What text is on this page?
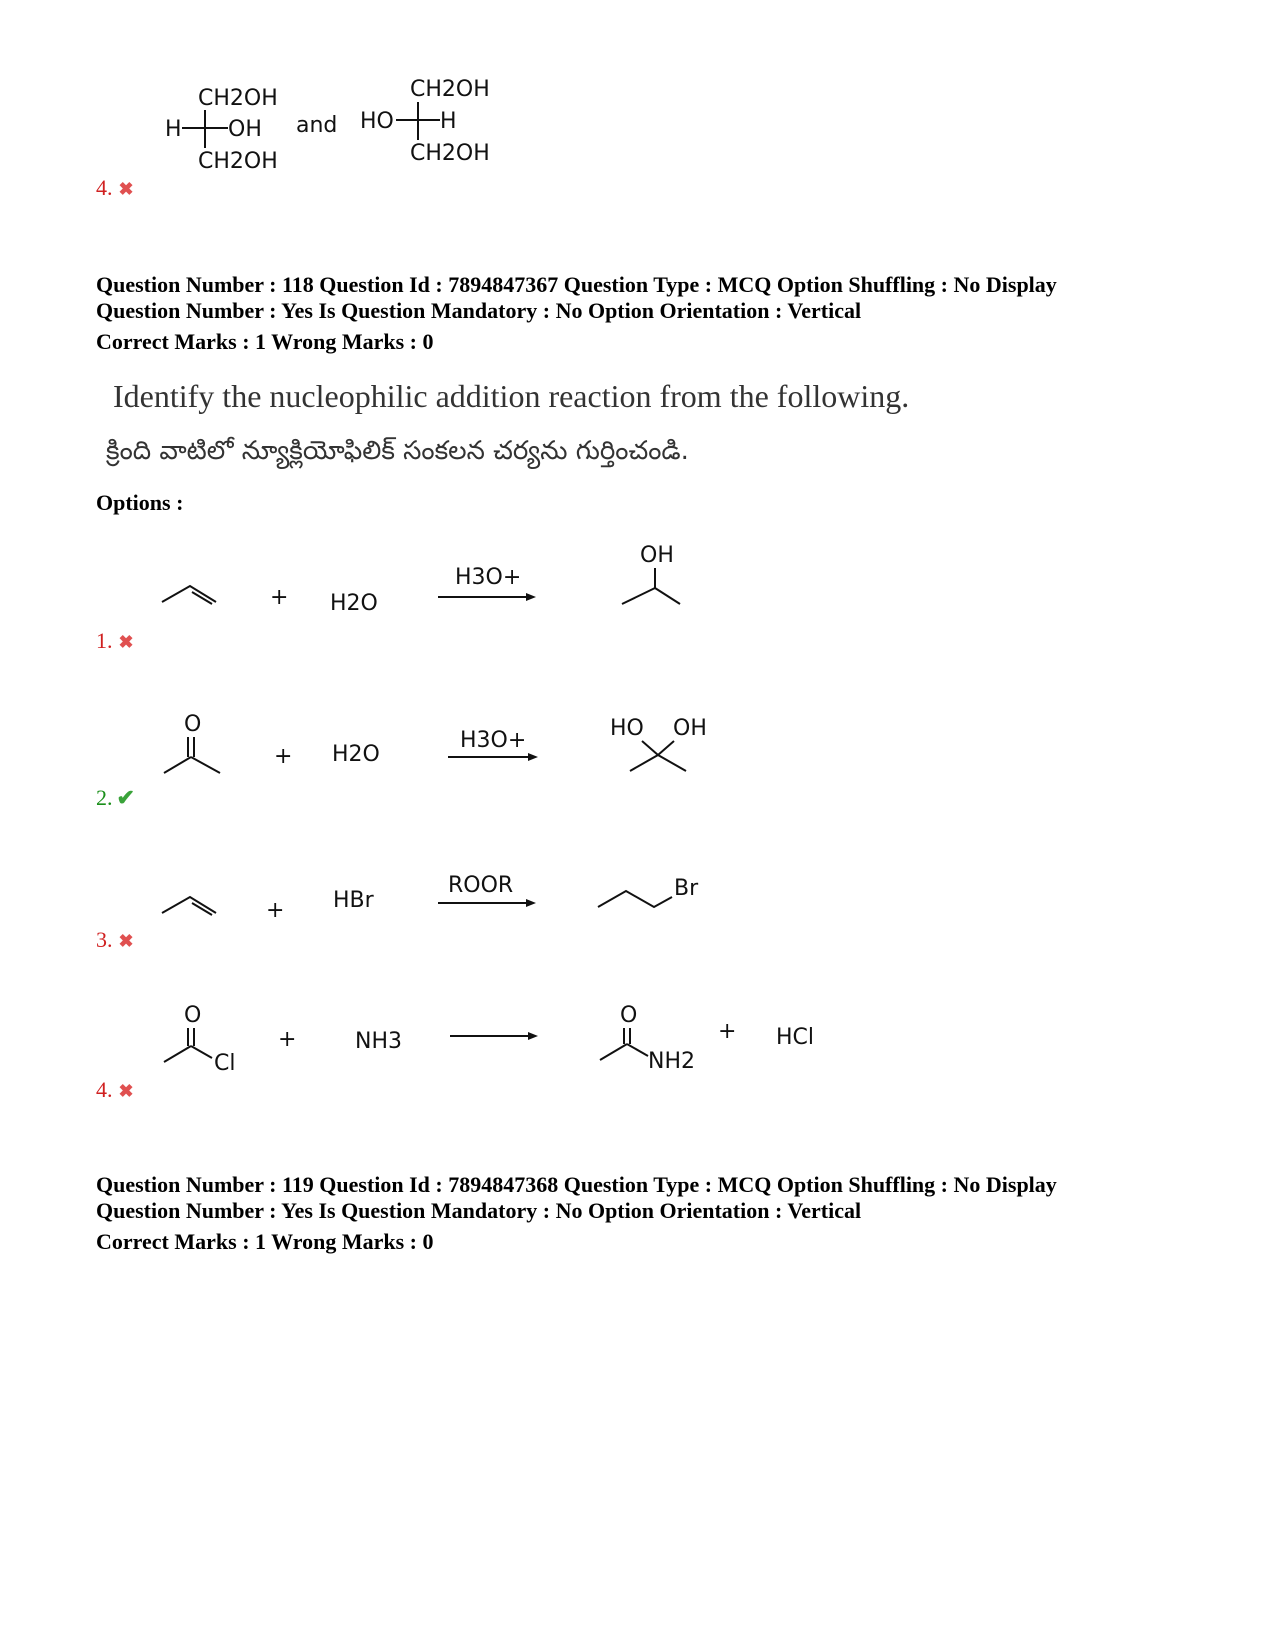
CH2OH
H OH
CH2OH
and
CH2OH
HO H
CH2OH
4. ✖
Question Number : 118 Question Id : 7894847367 Question Type : MCQ Option Shuffling : No Display
Question Number : Yes Is Question Mandatory : No Option Orientation : Vertical
Correct Marks : 1 Wrong Marks : 0
Identify the nucleophilic addition reaction from the following.
క్రింది వాటిలో న్యూక్లియోఫిలిక్ సంకలన చర్యను గుర్తించండి.
Options :
+ H2O
H3O+
OH
1. ✖
O
+ H2O
H3O+	HO OH
2. ✔
+ HBr
ROOR	Br
3. ✖
O
Cl
+	NH3
O
NH2
+ HCl
4. ✖
Question Number : 119 Question Id : 7894847368 Question Type : MCQ Option Shuffling : No Display
Question Number : Yes Is Question Mandatory : No Option Orientation : Vertical
Correct Marks : 1 Wrong Marks : 0
